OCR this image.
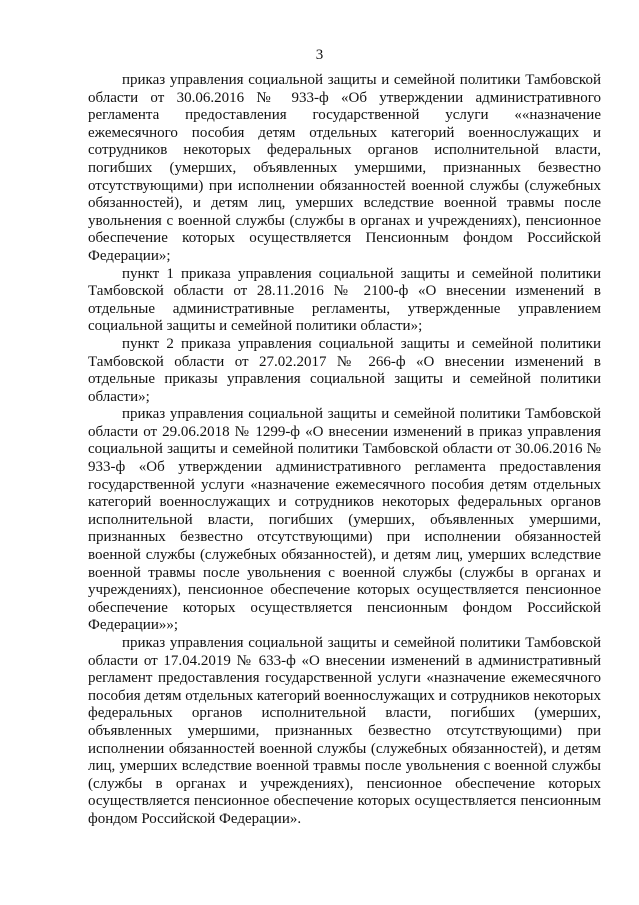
3

приказ управления социальной защиты и семейной политики Тамбовской области от 30.06.2016 № 933-ф «Об утверждении административного регламента предоставления государственной услуги ««назначение ежемесячного пособия детям отдельных категорий военнослужащих и сотрудников некоторых федеральных органов исполнительной власти, погибших (умерших, объявленных умершими, признанных безвестно отсутствующими) при исполнении обязанностей военной службы (служебных обязанностей), и детям лиц, умерших вследствие военной травмы после увольнения с военной службы (службы в органах и учреждениях), пенсионное обеспечение которых осуществляется Пенсионным фондом Российской Федерации»;

пункт 1 приказа управления социальной защиты и семейной политики Тамбовской области от 28.11.2016 № 2100-ф «О внесении изменений в отдельные административные регламенты, утвержденные управлением социальной защиты и семейной политики области»;

пункт 2 приказа управления социальной защиты и семейной политики Тамбовской области от 27.02.2017 № 266-ф «О внесении изменений в отдельные приказы управления социальной защиты и семейной политики области»;

приказ управления социальной защиты и семейной политики Тамбовской области от 29.06.2018 № 1299-ф «О внесении изменений в приказ управления социальной защиты и семейной политики Тамбовской области от 30.06.2016 № 933-ф «Об утверждении административного регламента предоставления государственной услуги «назначение ежемесячного пособия детям отдельных категорий военнослужащих и сотрудников некоторых федеральных органов исполнительной власти, погибших (умерших, объявленных умершими, признанных безвестно отсутствующими) при исполнении обязанностей военной службы (служебных обязанностей), и детям лиц, умерших вследствие военной травмы после увольнения с военной службы (службы в органах и учреждениях), пенсионное обеспечение которых осуществляется пенсионное обеспечение которых осуществляется пенсионным фондом Российской Федерации»»;

приказ управления социальной защиты и семейной политики Тамбовской области от 17.04.2019 № 633-ф «О внесении изменений в административный регламент предоставления государственной услуги «назначение ежемесячного пособия детям отдельных категорий военнослужащих и сотрудников некоторых федеральных органов исполнительной власти, погибших (умерших, объявленных умершими, признанных безвестно отсутствующими) при исполнении обязанностей военной службы (служебных обязанностей), и детям лиц, умерших вследствие военной травмы после увольнения с военной службы (службы в органах и учреждениях), пенсионное обеспечение которых осуществляется пенсионное обеспечение которых осуществляется пенсионным фондом Российской Федерации».
